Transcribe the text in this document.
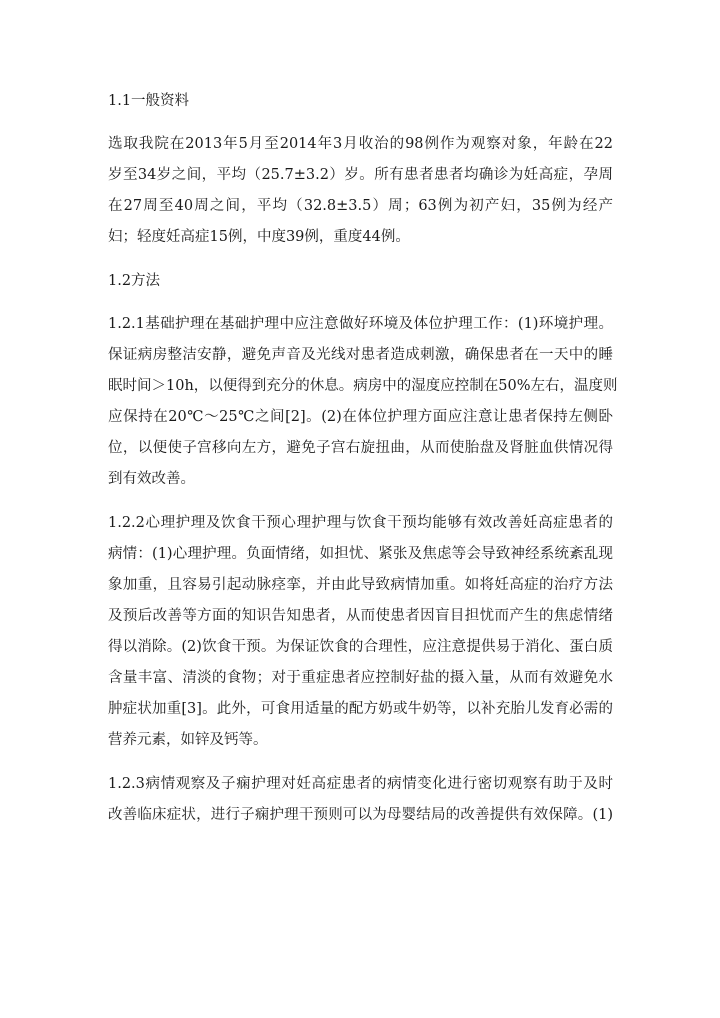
1.1一般资料
选取我院在2013年5月至2014年3月收治的98例作为观察对象，年龄在22
岁至34岁之间，平均（25.7±3.2）岁。所有患者患者均确诊为妊高症，孕周
在27周至40周之间，平均（32.8±3.5）周；63例为初产妇，35例为经产
妇；轻度妊高症15例，中度39例，重度44例。
1.2方法
1.2.1基础护理在基础护理中应注意做好环境及体位护理工作：(1)环境护理。
保证病房整洁安静，避免声音及光线对患者造成刺激，确保患者在一天中的睡
眠时间＞10h，以便得到充分的休息。病房中的湿度应控制在50%左右，温度则
应保持在20℃～25℃之间[2]。(2)在体位护理方面应注意让患者保持左侧卧
位，以便使子宫移向左方，避免子宫右旋扭曲，从而使胎盘及肾脏血供情况得
到有效改善。
1.2.2心理护理及饮食干预心理护理与饮食干预均能够有效改善妊高症患者的
病情：(1)心理护理。负面情绪，如担忧、紧张及焦虑等会导致神经系统紊乱现
象加重，且容易引起动脉痉挛，并由此导致病情加重。如将妊高症的治疗方法
及预后改善等方面的知识告知患者，从而使患者因盲目担忧而产生的焦虑情绪
得以消除。(2)饮食干预。为保证饮食的合理性，应注意提供易于消化、蛋白质
含量丰富、清淡的食物；对于重症患者应控制好盐的摄入量，从而有效避免水
肿症状加重[3]。此外，可食用适量的配方奶或牛奶等，以补充胎儿发育必需的
营养元素，如锌及钙等。
1.2.3病情观察及子痫护理对妊高症患者的病情变化进行密切观察有助于及时
改善临床症状，进行子痫护理干预则可以为母婴结局的改善提供有效保障。(1)
